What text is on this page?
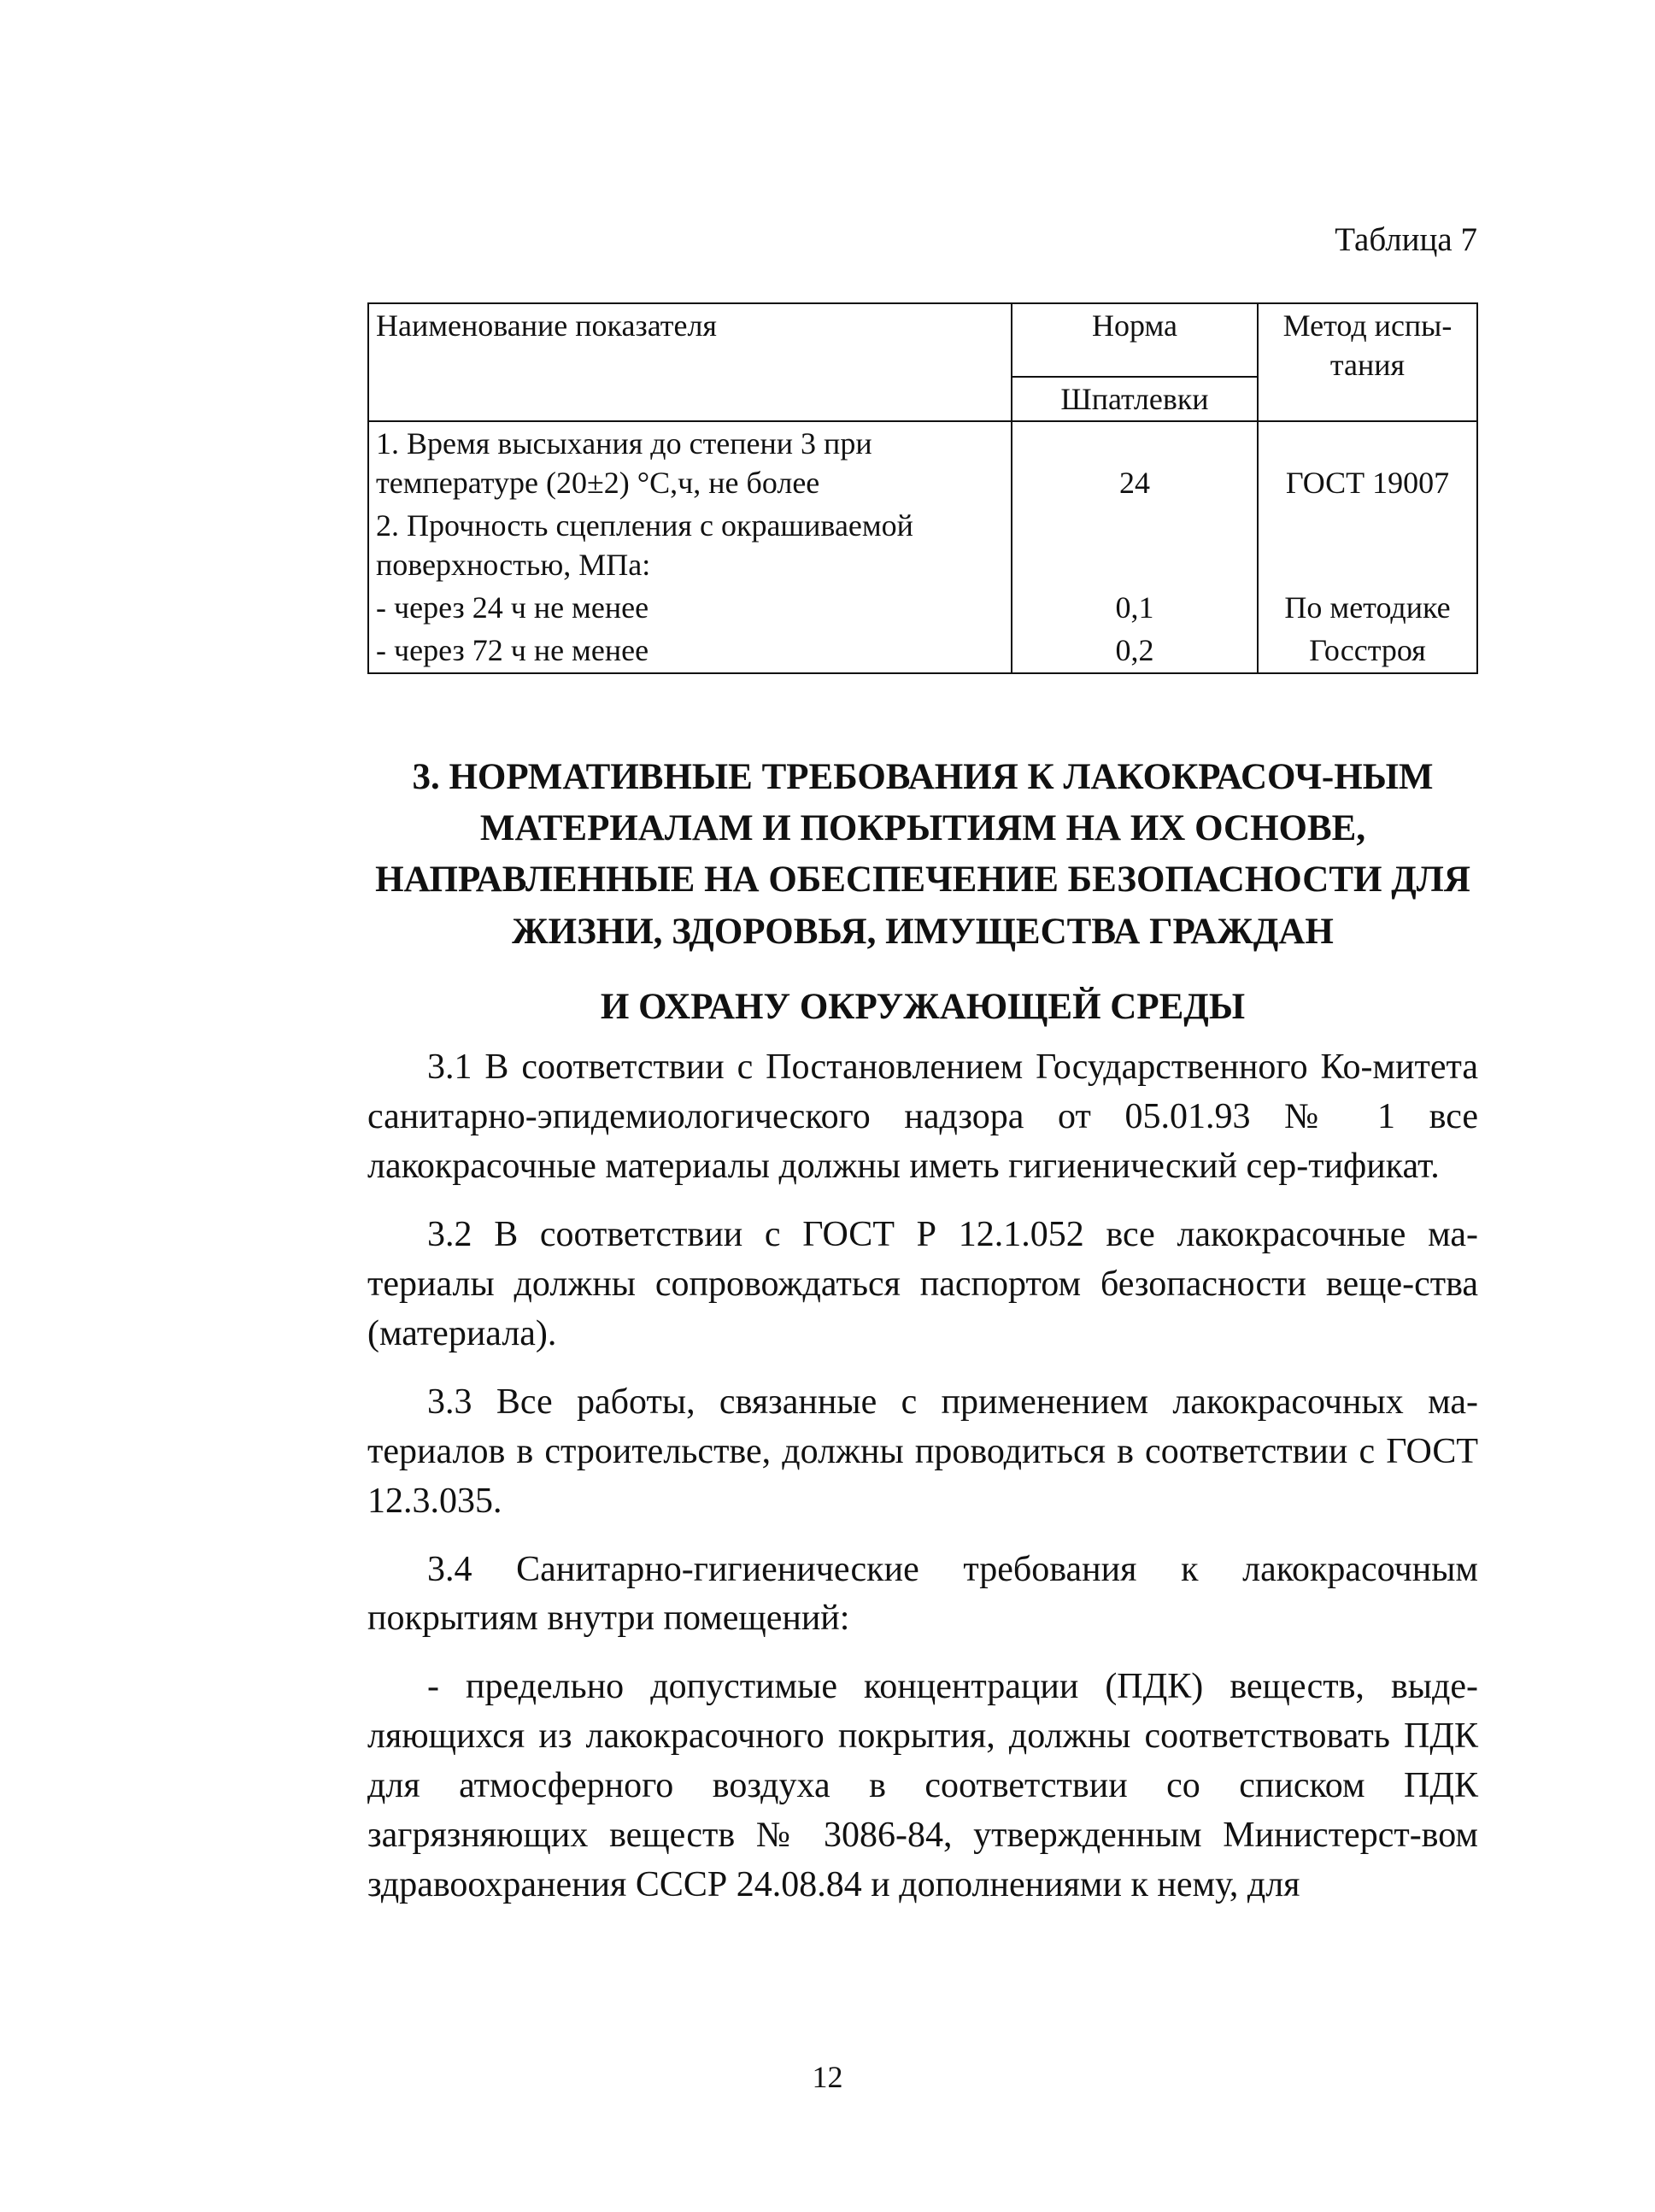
Таблица 7
Наименование показателя	Норма	Метод испы-тания
	Шпатлевки	
1. Время высыхания до степени 3 при температуре (20±2) °С,ч, не более	24	ГОСТ 19007
2. Прочность сцепления с окрашиваемой поверхностью, МПа:		
- через 24 ч не менее	0,1	По методике
- через 72 ч не менее	0,2	Госстроя
3. НОРМАТИВНЫЕ ТРЕБОВАНИЯ К ЛАКОКРАСОЧ-НЫМ МАТЕРИАЛАМ И ПОКРЫТИЯМ НА ИХ ОСНОВЕ, НАПРАВЛЕННЫЕ НА ОБЕСПЕЧЕНИЕ БЕЗОПАСНОСТИ ДЛЯ ЖИЗНИ, ЗДОРОВЬЯ, ИМУЩЕСТВА ГРАЖДАН
И ОХРАНУ ОКРУЖАЮЩЕЙ СРЕДЫ

3.1 В соответствии с Постановлением Государственного Ко-митета санитарно-эпидемиологического надзора от 05.01.93 № 1 все лакокрасочные материалы должны иметь гигиенический сер-тификат.

3.2 В соответствии с ГОСТ Р 12.1.052 все лакокрасочные ма-териалы должны сопровождаться паспортом безопасности веще-ства (материала).

3.3 Все работы, связанные с применением лакокрасочных ма-териалов в строительстве, должны проводиться в соответствии с ГОСТ 12.3.035.

3.4 Санитарно-гигиенические требования к лакокрасочным покрытиям внутри помещений:

- предельно допустимые концентрации (ПДК) веществ, выде-ляющихся из лакокрасочного покрытия, должны соответствовать ПДК для атмосферного воздуха в соответствии со списком ПДК загрязняющих веществ № 3086-84, утвержденным Министерст-вом здравоохранения СССР 24.08.84 и дополнениями к нему, для

12
